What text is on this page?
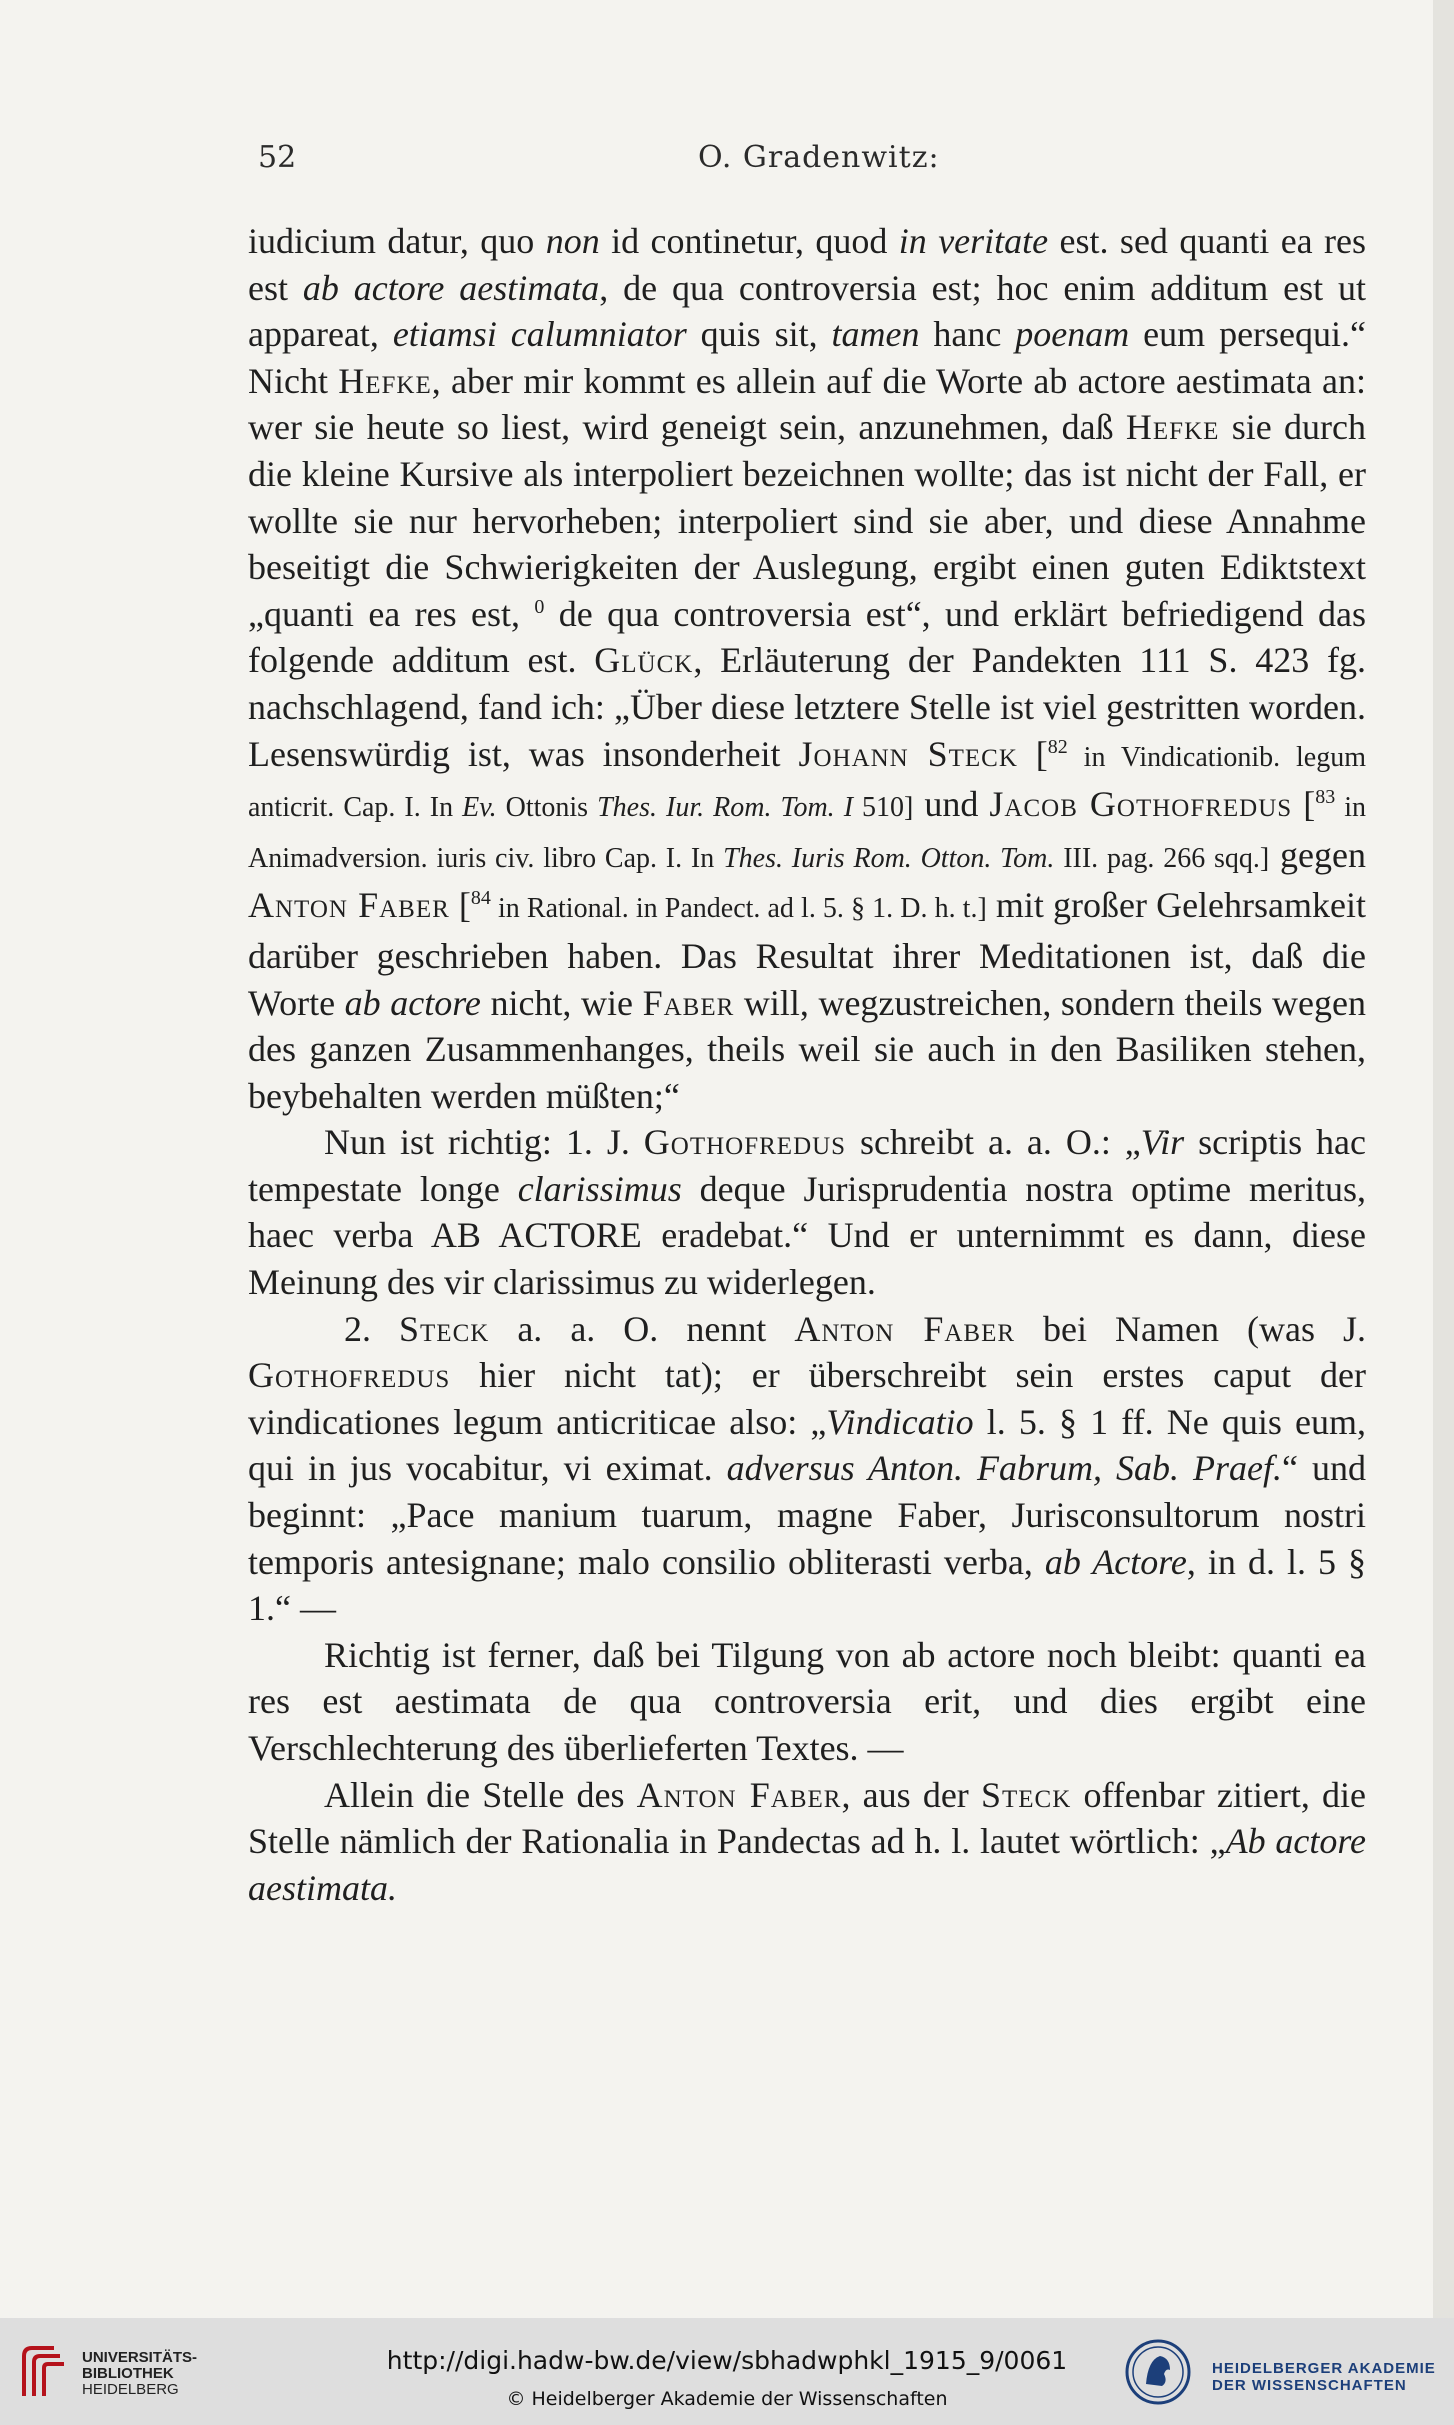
52	O. Gradenwitz:

iudicium datur, quo non id continetur, quod in veritate est. sed quanti ea res est ab actore aestimata, de qua controversia est; hoc enim additum est ut appareat, etiamsi calumniator quis sit, tamen hanc poenam eum persequi.“ Nicht Hefke, aber mir kommt es allein auf die Worte ab actore aestimata an: wer sie heute so liest, wird geneigt sein, anzunehmen, daß Hefke sie durch die kleine Kursive als interpoliert bezeichnen wollte; das ist nicht der Fall, er wollte sie nur hervorheben; interpoliert sind sie aber, und diese Annahme beseitigt die Schwierigkeiten der Auslegung, ergibt einen guten Ediktstext „quanti ea res est, $^0$ de qua controversia est“, und erklärt befriedigend das folgende additum est. Glück, Erläuterung der Pandekten 111 S. 423 fg. nachschlagend, fand ich: „Über diese letztere Stelle ist viel gestritten worden. Lesenswürdig ist, was insonderheit Johann Steck [$^{82}$ in Vindicationib. legum anticrit. Cap. I. In Ev. Ottonis Thes. Iur. Rom. Tom. I 510] und Jacob Gothofredus [$^{83}$ in Animadversion. iuris civ. libro Cap. I. In Thes. Iuris Rom. Otton. Tom. III. pag. 266 sqq.] gegen Anton Faber [$^{84}$ in Rational. in Pandect. ad l. 5. § 1. D. h. t.] mit großer Gelehrsamkeit darüber geschrieben haben. Das Resultat ihrer Meditationen ist, daß die Worte ab actore nicht, wie Faber will, wegzustreichen, sondern theils wegen des ganzen Zusammenhanges, theils weil sie auch in den Basiliken stehen, beybehalten werden müßten;“

Nun ist richtig: 1. J. Gothofredus schreibt a. a. O.: „Vir scriptis hac tempestate longe clarissimus deque Jurisprudentia nostra optime meritus, haec verba AB ACTORE eradebat.“ Und er unternimmt es dann, diese Meinung des vir clarissimus zu widerlegen.

2. Steck a. a. O. nennt Anton Faber bei Namen (was J. Gothofredus hier nicht tat); er überschreibt sein erstes caput der vindicationes legum anticriticae also: „Vindicatio l. 5. § 1 ff. Ne quis eum, qui in jus vocabitur, vi eximat. adversus Anton. Fabrum, Sab. Praef.“ und beginnt: „Pace manium tuarum, magne Faber, Jurisconsultorum nostri temporis antesignane; malo consilio obliterasti verba, ab Actore, in d. l. 5 § 1.“ —

Richtig ist ferner, daß bei Tilgung von ab actore noch bleibt: quanti ea res est aestimata de qua controversia erit, und dies ergibt eine Verschlechterung des überlieferten Textes. —

Allein die Stelle des Anton Faber, aus der Steck offenbar zitiert, die Stelle nämlich der Rationalia in Pandectas ad h. l. lautet wörtlich: „Ab actore aestimata.

UNIVERSITÄTS-
BIBLIOTHEK
HEIDELBERG
http://digi.hadw-bw.de/view/sbhadwphkl_1915_9/0061
© Heidelberger Akademie der Wissenschaften
HEIDELBERGER AKADEMIE
DER WISSENSCHAFTEN
